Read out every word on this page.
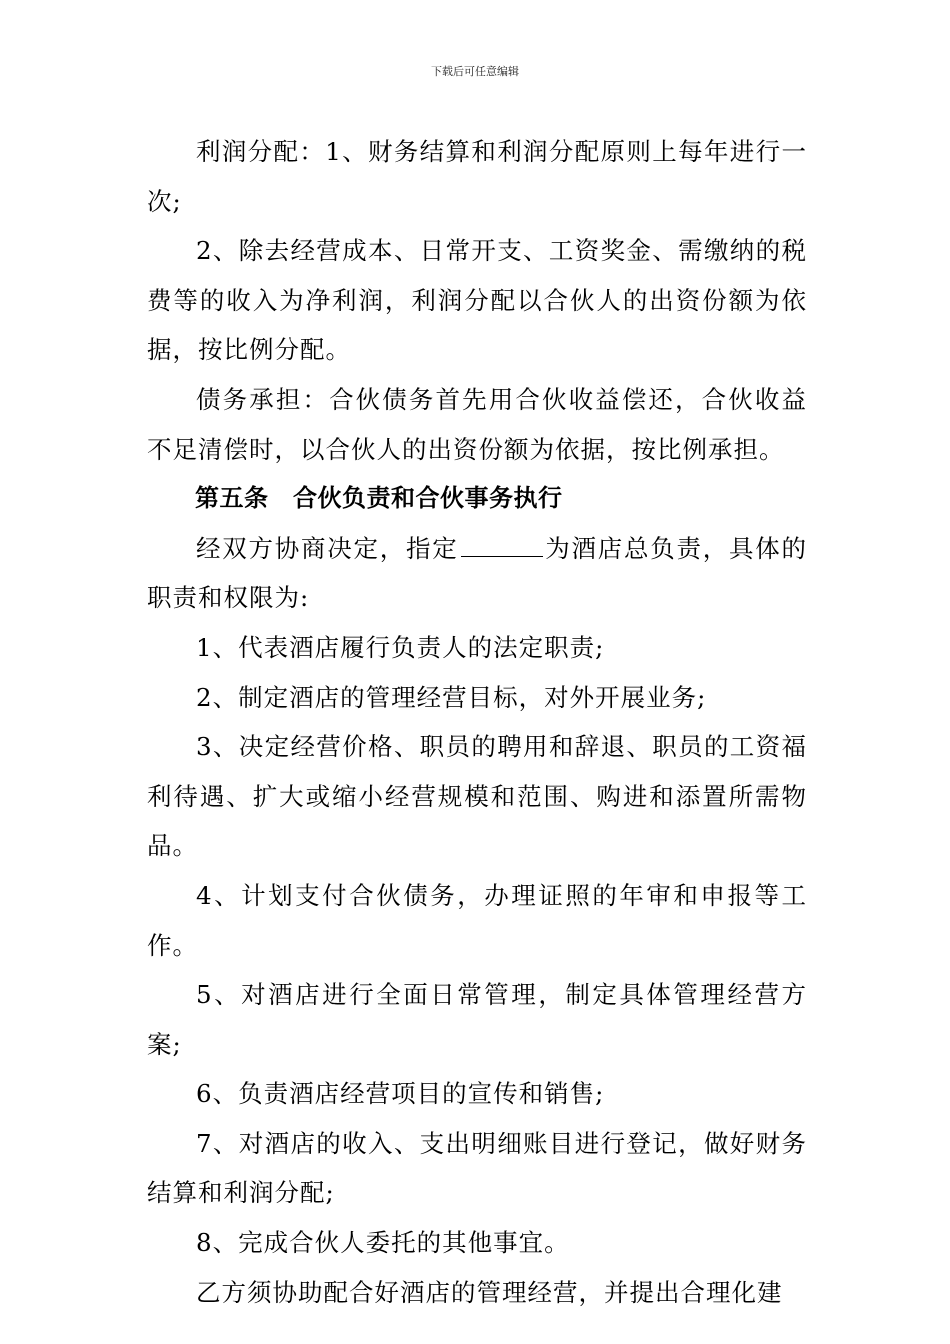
下载后可任意编辑

利润分配：1、财务结算和利润分配原则上每年进行一次;

2、除去经营成本、日常开支、工资奖金、需缴纳的税费等的收入为净利润，利润分配以合伙人的出资份额为依据，按比例分配。

债务承担：合伙债务首先用合伙收益偿还，合伙收益不足清偿时，以合伙人的出资份额为依据，按比例承担。

第五条　合伙负责和合伙事务执行

经双方协商决定，指定	为酒店总负责，具体的职责和权限为:

1、代表酒店履行负责人的法定职责;

2、制定酒店的管理经营目标，对外开展业务;

3、决定经营价格、职员的聘用和辞退、职员的工资福利待遇、扩大或缩小经营规模和范围、购进和添置所需物品。

4、计划支付合伙债务，办理证照的年审和申报等工作。

5、对酒店进行全面日常管理，制定具体管理经营方案;

6、负责酒店经营项目的宣传和销售;

7、对酒店的收入、支出明细账目进行登记，做好财务结算和利润分配;

8、完成合伙人委托的其他事宜。

乙方须协助配合好酒店的管理经营，并提出合理化建
